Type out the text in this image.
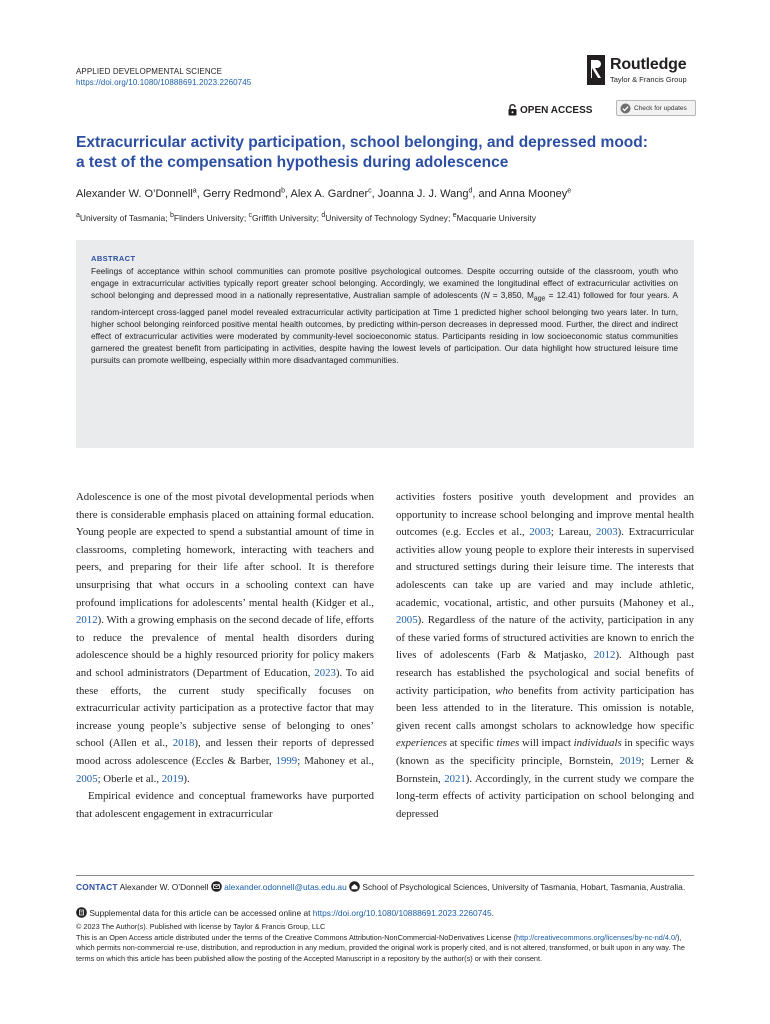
APPLIED DEVELOPMENTAL SCIENCE
https://doi.org/10.1080/10888691.2023.2260745
Routledge
Taylor & Francis Group
OPEN ACCESS	Check for updates
Extracurricular activity participation, school belonging, and depressed mood:
a test of the compensation hypothesis during adolescence
Alexander W. O’Donnell$^a$, Gerry Redmond$^b$, Alex A. Gardner$^c$, Joanna J. J. Wang$^d$, and Anna Mooney$^e$
$^a$University of Tasmania; $^b$Flinders University; $^c$Griffith University; $^d$University of Technology Sydney; $^e$Macquarie University
ABSTRACT
Feelings of acceptance within school communities can promote positive psychological outcomes. Despite occurring outside of the classroom, youth who engage in extracurricular activities typically report greater school belonging. Accordingly, we examined the longitudinal effect of extracurricular activities on school belonging and depressed mood in a nationally representative, Australian sample of adolescents (N = 3,850, $M_{age} = 12.41$) followed for four years. A random-intercept cross-lagged panel model revealed extracurricular activity participation at Time 1 predicted higher school belonging two years later. In turn, higher school belonging reinforced positive mental health outcomes, by predicting within-person decreases in depressed mood. Further, the direct and indirect effect of extracurricular activities were moderated by community-level socioeconomic status. Participants residing in low socioeconomic status communities garnered the greatest benefit from participating in activities, despite having the lowest levels of participation. Our data highlight how structured leisure time pursuits can promote wellbeing, especially within more disadvantaged communities.

Adolescence is one of the most pivotal developmental periods when there is considerable emphasis placed on attaining formal education. Young people are expected to spend a substantial amount of time in classrooms, completing homework, interacting with teachers and peers, and preparing for their life after school. It is therefore unsurprising that what occurs in a schooling context can have profound implications for adolescents’ mental health (Kidger et al., 2012). With a growing emphasis on the second decade of life, efforts to reduce the prevalence of mental health disorders during adolescence should be a highly resourced priority for policy makers and school administrators (Department of Education, 2023). To aid these efforts, the current study specifically focuses on extracurricular activity participation as a protective factor that may increase young people’s subjective sense of belonging to ones’ school (Allen et al., 2018), and lessen their reports of depressed mood across adolescence (Eccles & Barber, 1999; Mahoney et al., 2005; Oberle et al., 2019).

Empirical evidence and conceptual frameworks have purported that adolescent engagement in extracurricular

activities fosters positive youth development and provides an opportunity to increase school belonging and improve mental health outcomes (e.g. Eccles et al., 2003; Lareau, 2003). Extracurricular activities allow young people to explore their interests in supervised and structured settings during their leisure time. The interests that adolescents can take up are varied and may include athletic, academic, vocational, artistic, and other pursuits (Mahoney et al., 2005). Regardless of the nature of the activity, participation in any of these varied forms of structured activities are known to enrich the lives of adolescents (Farb & Matjasko, 2012). Although past research has established the psychological and social benefits of activity participation, who benefits from activity participation has been less attended to in the literature. This omission is notable, given recent calls amongst scholars to acknowledge how specific experiences at specific times will impact individuals in specific ways (known as the specificity principle, Bornstein, 2019; Lerner & Bornstein, 2021). Accordingly, in the current study we compare the long-term effects of activity participation on school belonging and depressed

CONTACT Alexander W. O’Donnell  alexander.odonnell@utas.edu.au  School of Psychological Sciences, University of Tasmania, Hobart, Tasmania, Australia.
Supplemental data for this article can be accessed online at https://doi.org/10.1080/10888691.2023.2260745.

© 2023 The Author(s). Published with license by Taylor & Francis Group, LLC

This is an Open Access article distributed under the terms of the Creative Commons Attribution-NonCommercial-NoDerivatives License (http://creativecommons.org/licenses/by-nc-nd/4.0/), which permits non-commercial re-use, distribution, and reproduction in any medium, provided the original work is properly cited, and is not altered, transformed, or built upon in any way. The terms on which this article has been published allow the posting of the Accepted Manuscript in a repository by the author(s) or with their consent.
